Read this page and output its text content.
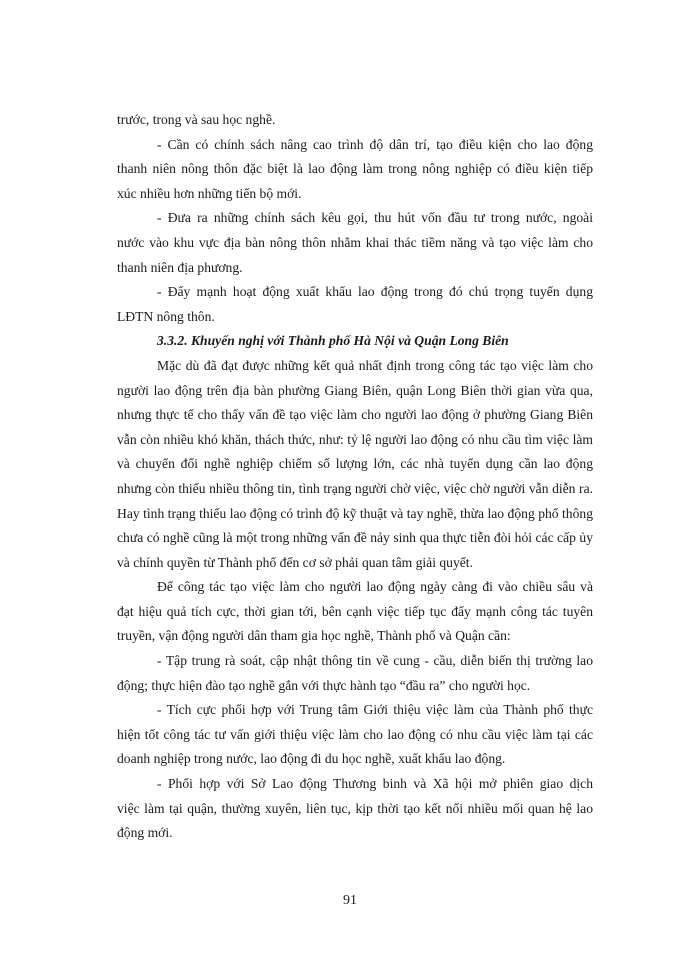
trước, trong và sau học nghề.
- Cần có chính sách nâng cao trình độ dân trí, tạo điều kiện cho lao động
thanh niên nông thôn đặc biệt là lao động làm trong nông nghiệp có điều kiện tiếp
xúc nhiều hơn những tiến bộ mới.
- Đưa ra những chính sách kêu gọi, thu hút vốn đầu tư trong nước, ngoài
nước vào khu vực địa bàn nông thôn nhằm khai thác tiềm năng và tạo việc làm cho
thanh niên địa phương.
- Đẩy mạnh hoạt động xuất khẩu lao động trong đó chú trọng tuyển dụng
LĐTN nông thôn.
3.3.2. Khuyến nghị với Thành phố Hà Nội và Quận Long Biên
Mặc dù đã đạt được những kết quả nhất định trong công tác tạo việc làm cho
người lao động trên địa bàn phường Giang Biên, quận Long Biên thời gian vừa qua,
nhưng thực tế cho thấy vấn đề tạo việc làm cho người lao động ở phường Giang Biên
vẫn còn nhiều khó khăn, thách thức, như: tỷ lệ người lao động có nhu cầu tìm việc làm
và chuyển đổi nghề nghiệp chiếm số lượng lớn, các nhà tuyển dụng cần lao động
nhưng còn thiếu nhiều thông tin, tình trạng người chờ việc, việc chờ người vẫn diễn ra.
Hay tình trạng thiếu lao động có trình độ kỹ thuật và tay nghề, thừa lao động phổ thông
chưa có nghề cũng là một trong những vấn đề nảy sinh qua thực tiễn đòi hỏi các cấp ủy
và chính quyền từ Thành phố đến cơ sở phải quan tâm giải quyết.
Để công tác tạo việc làm cho người lao động ngày càng đi vào chiều sâu và
đạt hiệu quả tích cực, thời gian tới, bên cạnh việc tiếp tục đẩy mạnh công tác tuyên
truyền, vận động người dân tham gia học nghề, Thành phố và Quận cần:
- Tập trung rà soát, cập nhật thông tin về cung - cầu, diễn biến thị trường lao
động; thực hiện đào tạo nghề gắn với thực hành tạo “đầu ra” cho người học.
- Tích cực phối hợp với Trung tâm Giới thiệu việc làm của Thành phố thực
hiện tốt công tác tư vấn giới thiệu việc làm cho lao động có nhu cầu việc làm tại các
doanh nghiệp trong nước, lao động đi du học nghề, xuất khẩu lao động.
- Phối hợp với Sở Lao động Thương binh và Xã hội mở phiên giao dịch
việc làm tại quận, thường xuyên, liên tục, kịp thời tạo kết nối nhiều mối quan hệ lao
động mới.
91
